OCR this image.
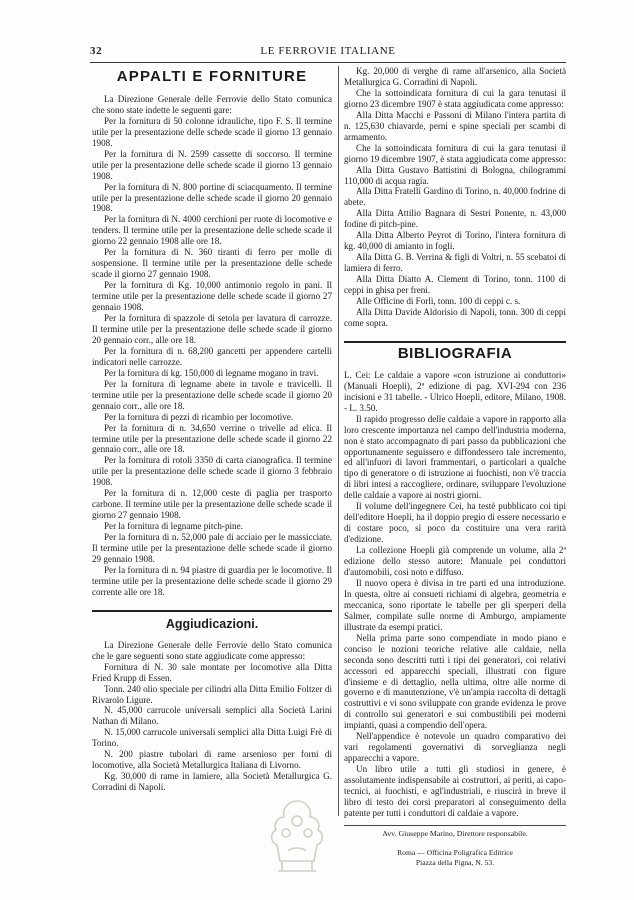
32	LE FERROVIE ITALIANE
APPALTI E FORNITURE

La Direzione Generale delle Ferrovie dello Stato comunica che sono state indette le seguenti gare:

Per la fornitura di 50 colonne idrauliche, tipo F. S. Il termine utile per la presentazione delle schede scade il giorno 13 gennaio 1908.

Per la fornitura di N. 2599 cassette di soccorso. Il termine utile per la presentazione delle schede scade il giorno 13 gennaio 1908.

Per la fornitura di N. 800 portine di sciacquamento. Il termine utile per la presentazione delle schede scade il giorno 20 gennaio 1908.

Per la fornitura di N. 4000 cerchioni per ruote di locomotive e tenders. Il termine utile per la presentazione delle schede scade il giorno 22 gennaio 1908 alle ore 18.

Per la fornitura di N. 360 tiranti di ferro per molle di sospensione. Il termine utile per la presentazione delle schede scade il giorno 27 gennaio 1908.

Per la fornitura di Kg. 10,000 antimonio regolo in pani. Il termine utile per la presentazione delle schede scade il giorno 27 gennaio 1908.

Per la fornitura di spazzole di setola per lavatura di carrozze. Il termine utile per la presentazione delle schede scade il giorno 20 gennaio corr., alle ore 18.

Per la fornitura di n. 68,200 gancetti per appendere cartelli indicatori nelle carrozze.

Per la fornitura di kg. 150,000 di legname mogano in travi.

Per la fornitura di legname abete in tavole e travicelli. Il termine utile per la presentazione delle schede scade il giorno 20 gennaio corr., alle ore 18.

Per la fornitura di pezzi di ricambio per locomotive.

Per la fornitura di n. 34,650 verrine o trivelle ad elica. Il termine utile per la presentazione delle schede scade il giorno 22 gennaio corr., alle ore 18.

Per la fornitura di rotoli 3350 di carta cianografica. Il termine utile per la presentazione delle schede scade il giorno 3 febbraio 1908.

Per la fornitura di n. 12,000 ceste di paglia per trasporto carbone. Il termine utile per la presentazione delle schede scade il giorno 27 gennaio 1908.

Per la fornitura di legname pitch-pine.

Per la fornitura di n. 52,000 pale di acciaio per le massicciate. Il termine utile per la presentazione delle schede scade il giorno 29 gennaio 1908.

Per la fornitura di n. 94 piastre di guardia per le locomotive. Il termine utile per la presentazione delle schede scade il giorno 29 corrente alle ore 18.

Aggiudicazioni.

La Direzione Generale delle Ferrovie dello Stato comunica che le gare seguenti sono state aggiudicate come appresso:

Fornitura di N. 30 sale montate per locomotive alla Ditta Fried Krupp di Essen.

Tonn. 240 olio speciale per cilindri alla Ditta Emilio Foltzer di Rivarolo Ligure.

N. 45,000 carrucole universali semplici alla Società Larini Nathan di Milano.

N. 15,000 carrucole universali semplici alla Ditta Luigi Frè di Torino.

N. 200 piastre tubolari di rame arsenioso per forni di locomotive, alla Società Metallurgica Italiana di Livorno.

Kg. 30,000 di rame in lamiere, alla Società Metallurgica G. Corradini di Napoli.

Kg. 20,000 di verghe di rame all'arsenico, alla Società Metallurgica G. Corradini di Napoli.

Che la sottoindicata fornitura di cui la gara tenutasi il giorno 23 dicembre 1907 è stata aggiudicata come appresso:

Alla Ditta Macchi e Passoni di Milano l'intera partita di n. 125,630 chiavarde, perni e spine speciali per scambi di armamento.

Che la sottoindicata fornitura di cui la gara tenutasi il giorno 19 dicembre 1907, è stata aggiudicata come appresso:

Alla Ditta Gustavo Battistini di Bologna, chilogrammi 110,000 di acqua ragia.

Alla Ditta Fratelli Gardino di Torino, n. 40,000 fodrine di abete.

Alla Ditta Attilio Bagnara di Sestri Ponente, n. 43,000 fodine di pitch-pine.

Alla Ditta Alberto Peyrot di Torino, l'intera fornitura di kg. 40,000 di amianto in fogli.

Alla Ditta G. B. Verrina & figli di Voltri, n. 55 scebatoi di lamiera di ferro.

Alla Ditta Diatto A. Clement di Torino, tonn. 1100 di ceppi in ghisa per freni.

Alle Officine di Forlì, tonn. 100 di ceppi c. s.

Alla Ditta Davide Aldorisio di Napoli, tonn. 300 di ceppi come sopra.

BIBLIOGRAFIA

L. Cei: Le caldaie a vapore «con istruzione ai conduttori» (Manuali Hoepli), 2ª edizione di pag. XVI-294 con 236 incisioni e 31 tabelle. - Ulrico Hoepli, editore, Milano, 1908. - L. 3.50.

Il rapido progresso delle caldaie a vapore in rapporto alla loro crescente importanza nel campo dell'industria moderna, non è stato accompagnato di pari passo da pubblicazioni che opportunamente seguissero e diffondessero tale incremento, ed all'infuori di lavori frammentari, o particolari a qualche tipo di generatore o di istruzione ai fuochisti, non v'è traccia di libri intesi a raccogliere, ordinare, sviluppare l'evoluzione delle caldaie a vapore ai nostri giorni.

Il volume dell'ingegnere Cei, ha testè pubblicato coi tipi dell'editore Hoepli, ha il doppio pregio di essere necessario e di costare poco, sì poco da costituire una vera rarità d'edizione.

La collezione Hoepli già comprende un volume, alla 2ª edizione dello stesso autore: Manuale pei conduttori d'automobili, così noto e diffuso.

Il nuovo opera è divisa in tre parti ed una introduzione. In questa, oltre ai consueti richiami di algebra, geometria e meccanica, sono riportate le tabelle per gli sperperi della Salmer, compilate sulle norme di Amburgo, ampiamente illustrate da esempi pratici.

Nella prima parte sono compendiate in modo piano e conciso le nozioni teoriche relative alle caldaie, nella seconda sono descritti tutti i tipi dei generatori, coi relativi accessori ed apparecchi speciali, illustrati con figure d'insieme e di dettaglio, nella ultima, oltre alle norme di governo e di manutenzione, v'è un'ampia raccolta di dettagli costruttivi e vi sono sviluppate con grande evidenza le prove di controllo sui generatori e sui combustibili pei moderni impianti, quasi a compendio dell'opera.

Nell'appendice è notevole un quadro comparativo dei vari regolamenti governativi di sorveglianza negli apparecchi a vapore.

Un libro utile a tutti gli studiosi in genere, è assolutamente indispensabile ai costruttori, ai periti, ai capo-tecnici, ai fuochisti, e agl'industriali, e riuscirà in breve il libro di testo dei corsi preparatori al conseguimento della patente per tutti i conduttori di caldaie a vapore.

Avv. Giuseppe Marino, Direttore responsabile.
Roma — Officina Poligrafica Editrice
Piazza della Pigna, N. 53.
